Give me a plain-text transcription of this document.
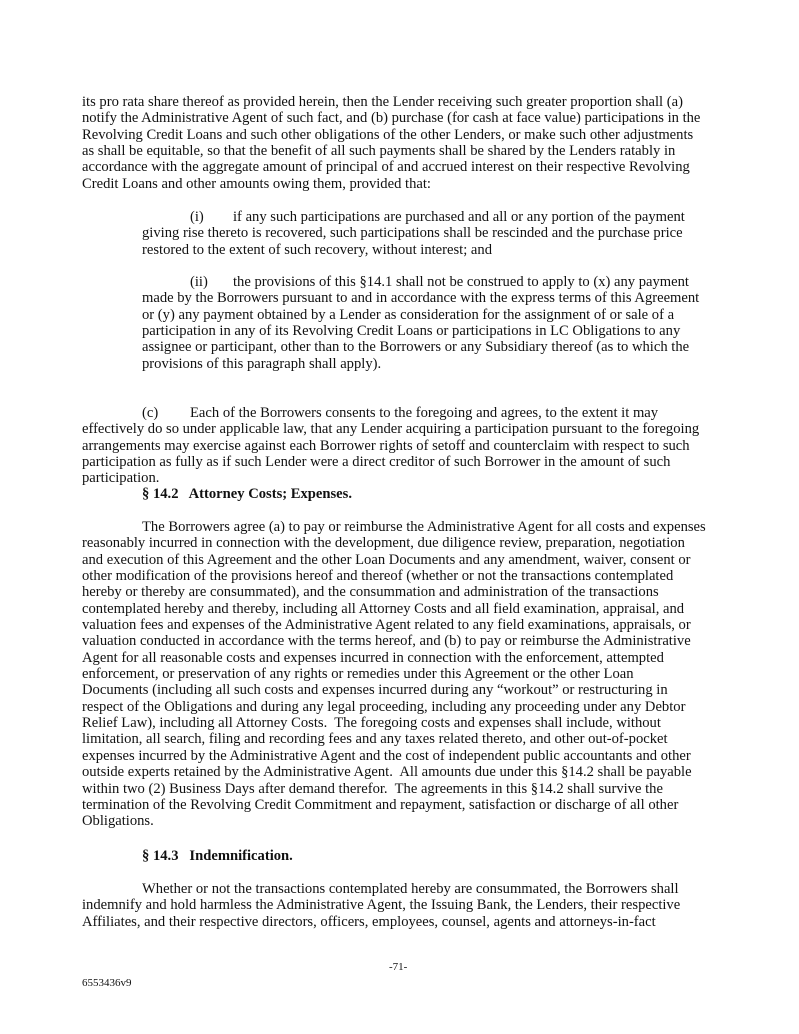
its pro rata share thereof as provided herein, then the Lender receiving such greater proportion shall (a)
notify the Administrative Agent of such fact, and (b) purchase (for cash at face value) participations in the
Revolving Credit Loans and such other obligations of the other Lenders, or make such other adjustments
as shall be equitable, so that the benefit of all such payments shall be shared by the Lenders ratably in
accordance with the aggregate amount of principal of and accrued interest on their respective Revolving
Credit Loans and other amounts owing them, provided that:
(i)	if any such participations are purchased and all or any portion of the payment
giving rise thereto is recovered, such participations shall be rescinded and the purchase price
restored to the extent of such recovery, without interest; and
(ii)	the provisions of this §14.1 shall not be construed to apply to (x) any payment
made by the Borrowers pursuant to and in accordance with the express terms of this Agreement
or (y) any payment obtained by a Lender as consideration for the assignment of or sale of a
participation in any of its Revolving Credit Loans or participations in LC Obligations to any
assignee or participant, other than to the Borrowers or any Subsidiary thereof (as to which the
provisions of this paragraph shall apply).
(c)	Each of the Borrowers consents to the foregoing and agrees, to the extent it may
effectively do so under applicable law, that any Lender acquiring a participation pursuant to the foregoing
arrangements may exercise against each Borrower rights of setoff and counterclaim with respect to such
participation as fully as if such Lender were a direct creditor of such Borrower in the amount of such
participation.
§ 14.2   Attorney Costs; Expenses.
The Borrowers agree (a) to pay or reimburse the Administrative Agent for all costs and expenses
reasonably incurred in connection with the development, due diligence review, preparation, negotiation
and execution of this Agreement and the other Loan Documents and any amendment, waiver, consent or
other modification of the provisions hereof and thereof (whether or not the transactions contemplated
hereby or thereby are consummated), and the consummation and administration of the transactions
contemplated hereby and thereby, including all Attorney Costs and all field examination, appraisal, and
valuation fees and expenses of the Administrative Agent related to any field examinations, appraisals, or
valuation conducted in accordance with the terms hereof, and (b) to pay or reimburse the Administrative
Agent for all reasonable costs and expenses incurred in connection with the enforcement, attempted
enforcement, or preservation of any rights or remedies under this Agreement or the other Loan
Documents (including all such costs and expenses incurred during any “workout” or restructuring in
respect of the Obligations and during any legal proceeding, including any proceeding under any Debtor
Relief Law), including all Attorney Costs.  The foregoing costs and expenses shall include, without
limitation, all search, filing and recording fees and any taxes related thereto, and other out-of-pocket
expenses incurred by the Administrative Agent and the cost of independent public accountants and other
outside experts retained by the Administrative Agent.  All amounts due under this §14.2 shall be payable
within two (2) Business Days after demand therefor.  The agreements in this §14.2 shall survive the
termination of the Revolving Credit Commitment and repayment, satisfaction or discharge of all other
Obligations.
§ 14.3   Indemnification.
Whether or not the transactions contemplated hereby are consummated, the Borrowers shall
indemnify and hold harmless the Administrative Agent, the Issuing Bank, the Lenders, their respective
Affiliates, and their respective directors, officers, employees, counsel, agents and attorneys-in-fact
-71-
6553436v9
